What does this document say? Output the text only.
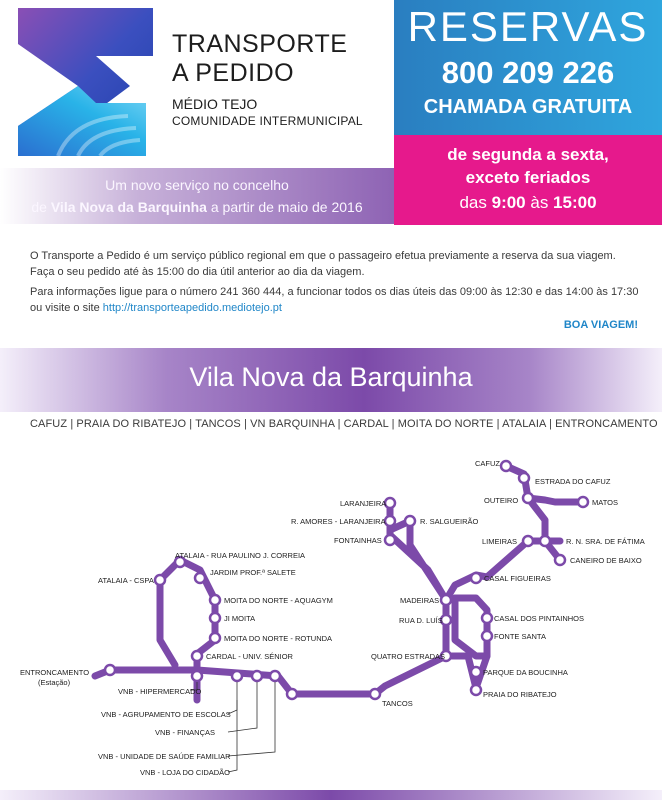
TRANSPORTE
A PEDIDO
MÉDIO TEJO
COMUNIDADE INTERMUNICIPAL
RESERVAS
800 209 226
CHAMADA GRATUITA
de segunda a sexta,
exceto feriados
das 9:00 às 15:00
Um novo serviço no concelho
de Vila Nova da Barquinha a partir de maio de 2016

O Transporte a Pedido é um serviço público regional em que o passageiro efetua previamente a reserva da sua viagem. Faça o seu pedido até às 15:00 do dia útil anterior ao dia da viagem.

Para informações ligue para o número 241 360 444, a funcionar todos os dias úteis das 09:00 às 12:30 e das 14:00 às 17:30 ou visite o site http://transporteapedido.mediotejo.pt

BOA VIAGEM!
Vila Nova da Barquinha
CAFUZ | PRAIA DO RIBATEJO | TANCOS | VN BARQUINHA | CARDAL | MOITA DO NORTE | ATALAIA | ENTRONCAMENTO
CAFUZ
ESTRADA DO CAFUZ
OUTEIRO	MATOS
R. N. SRA. DE FÁTIMA
CANEIRO DE BAIXO
LIMEIRAS
LARANJEIRA
R. AMORES - LARANJEIRA	R. SALGUEIRÃO
FONTAINHAS
CASAL FIGUEIRAS
MADEIRAS
RUA D. LUÍS	CASAL DOS PINTAINHOS
FONTE SANTA
QUATRO ESTRADAS
PARQUE DA BOUCINHA
PRAIA DO RIBATEJO
TANCOS
ATALAIA - RUA PAULINO J. CORREIA
ATALAIA - CSPA
JARDIM PROF.ª SALETE
MOITA DO NORTE - AQUAGYM
JI MOITA
MOITA DO NORTE - ROTUNDA
CARDAL - UNIV. SÉNIOR
ENTRONCAMENTO
(Estação)
VNB - HIPERMERCADO
VNB - AGRUPAMENTO DE ESCOLAS
VNB - FINANÇAS
VNB - UNIDADE DE SAÚDE FAMILIAR
VNB - LOJA DO CIDADÃO
